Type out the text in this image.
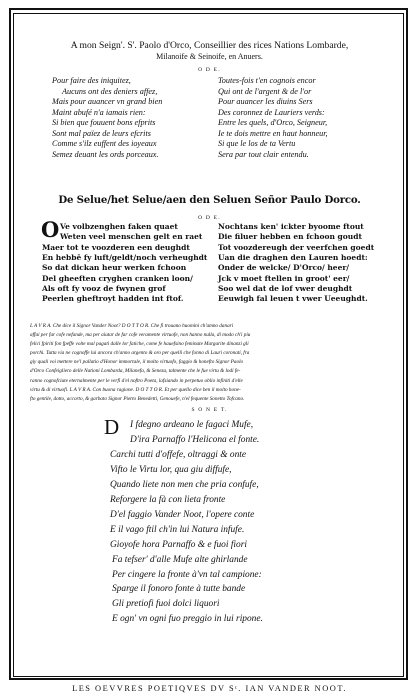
A mon Seign'. S'. Paolo d'Orco, Conseillier des rices Nations Lombarde,
Milanoife & Seinoife, en Anuers.
O D E.
Pour faire des iniquitez,
Aucuns ont des deniers affez,
Mais pour auancer vn grand bien
Maint abufé n'a iamais rien:
Si bien que fouuent bons efprits
Sont mal païez de leurs efcrits
Comme s'ilz euffent des ioyeaux
Semez deuant les ords porceaux.
Toutes-fois t'en cognois encor
Qui ont de l'argent & de l'or
Pour auancer les diuins Sers
Des coronnez de Lauriers verds:
Entre les quels, d'Orco, Seigneur,
Ie te dois mettre en haut honneur,
Si que le los de ta Vertu
Sera par tout clair entendu.
De Selue/het Selue/aen den Seluen Señor Paulo Dorco.
O D E.
O Ve volbzenghen faken quaet
Weten veel menschen gelt en raet
Maer tot te voozderen een deughdt
En hebbē fy luft/geldt/noch verheughdt
So dat dickan heur werken fchoon
Del gheeften cryghen cranken loon/
Als oft fy vooz de fwynen grof
Peerlen gheftroyt hadden int ftof.
Nochtans ken' ickter byoome ftout
Die filuer hebben en fchoon goudt
Tot voozdereugh der veerfchen goedt
Uan die draghen den Lauren hoedt:
Onder de welcke/ D'Orco/ heer/
Jck v moet ftellen in groot' eer/
Soo wel dat de lof vwer deughdt
Eeuwigh fal leuen t vwer Ueeughdt.
L A V R A. Che dice il Signor Vander Noot? D O T T O R. Che fi trouano huomini ch'amno danari
affai per far cofe nefande, ma per aiutar de far cofe veramente virtuofe, non hanno nulla, di modo ch'i piu
felici fpiriti fon fpeffe volte mal pagati dalle lor fatiche, come fe hauefsino feminate Margarite dinanzi gli
porchi. Tutta via ne cognoffe lui ancora ch'anno argento & oro per quelli che fonno di Lauri coronati, fra
giy quali voi mettere ne'l pallatio d'Honor immortale, il molto virtuofo, faggio & honefto Signor Paolo
d'Orco Confeigliero delle Nationi Lombarda, Milanefa, & Seneza, talmente che le fue virtu & lodi fe-
ranno cognofciute eternalmente per le verfi d'el noftro Poeta, lafsiando in perpetuo oblio infiniti d'elle
virtu & di virtuofi. L A V R A. Con buona ragione. D O T T O R. Et per quello dice ben il molto hone-
fto gentile, dotto, accorto, & garbato Signor Pietro Benedetti, Genouefe, n'el fequente Sonetto Tofcano.
S O N E T.
D I fdegno ardeano le fagaci Mufe,
D'ira Parnaffo l'Helicona el fonte.
Carchi tutti d'offefe, oltraggi & onte
Vifto le Virtu lor, qua giu diffufe,
Quando liete non men che pria confufe,
Reforgere la fà con lieta fronte
D'el faggio Vander Noot, l'opere conte
E il vago ftil ch'in lui Natura infufe.
Gioyofe hora Parnaffo & e fuoi fiori
Fa tefser' d'alle Mufe alte ghirlande
Per cingere la fronte à'vn tal campione:
Sparge il fonoro fonte à tutte bande
Gli pretiofi fuoi dolci liquori
E ogn' vn ogni fuo preggio in lui ripone.
LES OEVVRES POETIQVES DV Sᵗ. IAN VANDER NOOT.
